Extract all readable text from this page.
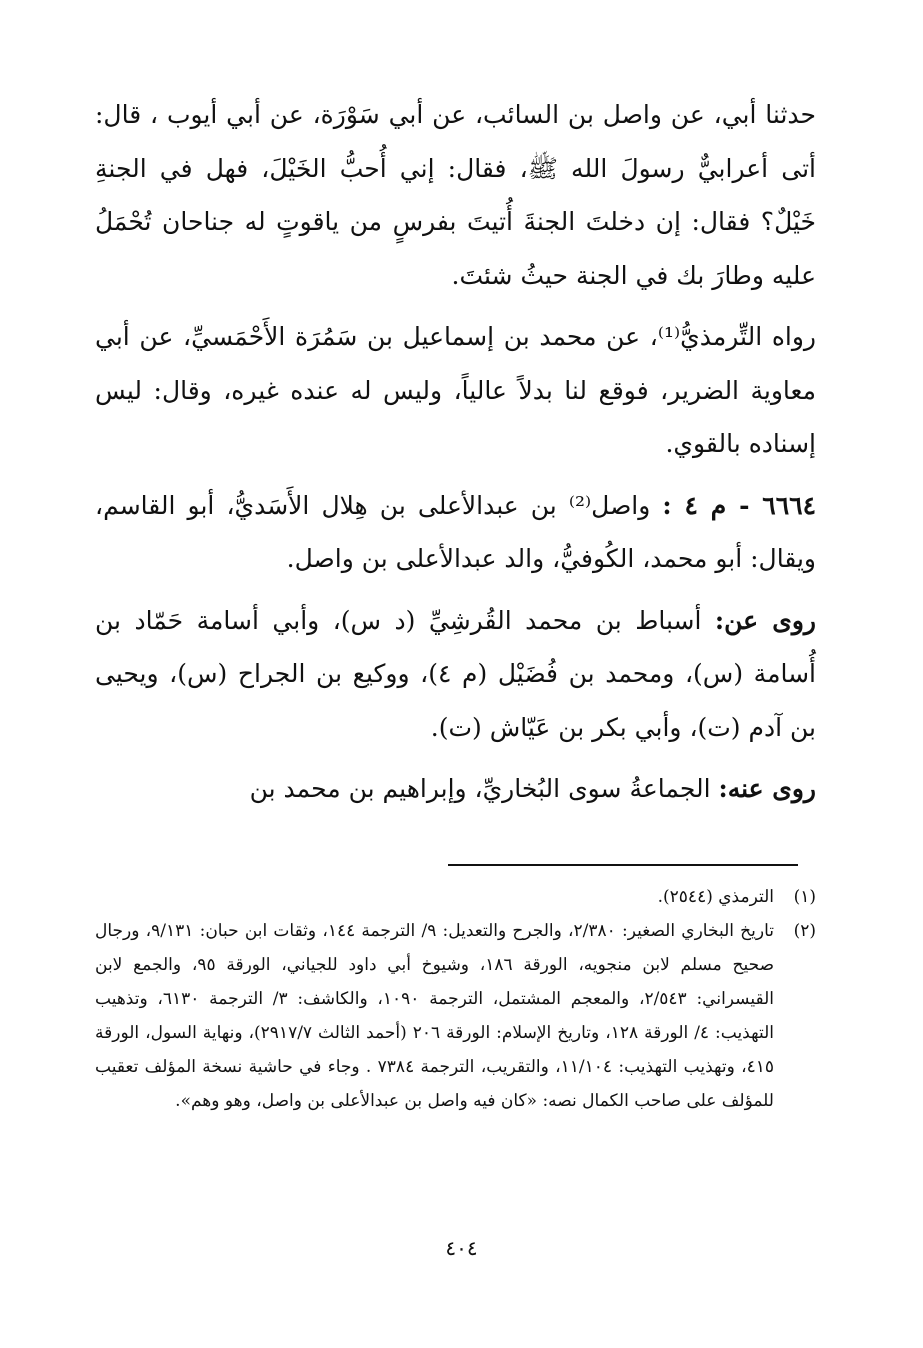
حدثنا أبي، عن واصل بن السائب، عن أبي سَوْرَة، عن أبي أيوب ، قال: أتى أعرابيٌّ رسولَ الله ﷺ، فقال: إني أُحبُّ الخَيْلَ، فهل في الجنةِ خَيْلٌ؟ فقال: إن دخلتَ الجنةَ أُتيتَ بفرسٍ من ياقوتٍ له جناحان تُحْمَلُ عليه وطارَ بك في الجنة حيثُ شئتَ.

رواه التِّرمذيُّ⁽¹⁾، عن محمد بن إسماعيل بن سَمُرَة الأَحْمَسيِّ، عن أبي معاوية الضرير، فوقع لنا بدلاً عالياً، وليس له عنده غيره، وقال: ليس إسناده بالقوي.

٦٦٦٤ - م ٤ : واصل⁽²⁾ بن عبدالأعلى بن هِلال الأَسَديُّ، أبو القاسم، ويقال: أبو محمد، الكُوفيُّ، والد عبدالأعلى بن واصل.

روى عن: أسباط بن محمد القُرشِيِّ (د س)، وأبي أسامة حَمّاد بن أُسامة (س)، ومحمد بن فُضَيْل (م ٤)، ووكيع بن الجراح (س)، ويحيى بن آدم (ت)، وأبي بكر بن عَيّاش (ت).

روى عنه: الجماعةُ سوى البُخاريِّ، وإبراهيم بن محمد بن

(١)
الترمذي (٢٥٤٤).
(٢)
تاريخ البخاري الصغير: ٢/٣٨٠، والجرح والتعديل: ٩/ الترجمة ١٤٤، وثقات ابن حبان: ٩/١٣١، ورجال صحيح مسلم لابن منجويه، الورقة ١٨٦، وشيوخ أبي داود للجياني، الورقة ٩٥، والجمع لابن القيسراني: ٢/٥٤٣، والمعجم المشتمل، الترجمة ١٠٩٠، والكاشف: ٣/ الترجمة ٦١٣٠، وتذهيب التهذيب: ٤/ الورقة ١٢٨، وتاريخ الإسلام: الورقة ٢٠٦ (أحمد الثالث ٢٩١٧/٧)، ونهاية السول، الورقة ٤١٥، وتهذيب التهذيب: ١١/١٠٤، والتقريب، الترجمة ٧٣٨٤ . وجاء في حاشية نسخة المؤلف تعقيب للمؤلف على صاحب الكمال نصه: «كان فيه واصل بن عبدالأعلى بن واصل، وهو وهم».
٤٠٤
